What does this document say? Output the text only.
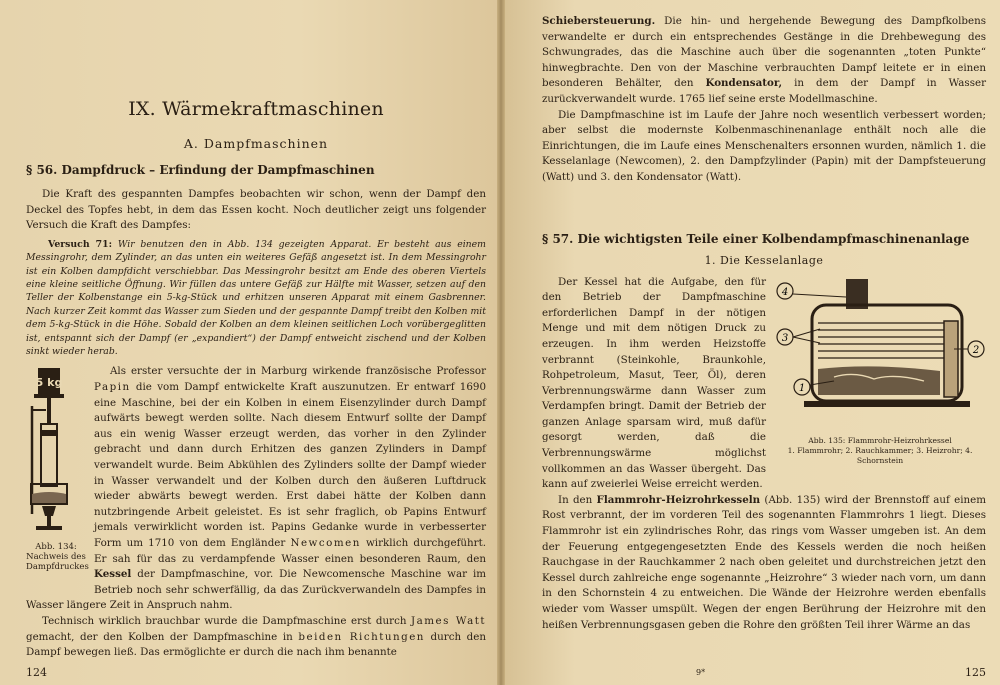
IX. Wärmekraftmaschinen
A. Dampfmaschinen
§ 56. Dampfdruck – Erfindung der Dampfmaschinen

Die Kraft des gespannten Dampfes beobachten wir schon, wenn der Dampf den Deckel des Topfes hebt, in dem das Essen kocht. Noch deutlicher zeigt uns folgender Versuch die Kraft des Dampfes:

Versuch 71: Wir benutzen den in Abb. 134 gezeigten Apparat. Er besteht aus einem Messingrohr, dem Zylinder, an das unten ein weiteres Gefäß angesetzt ist. In dem Messingrohr ist ein Kolben dampfdicht verschiebbar. Das Messingrohr besitzt am Ende des oberen Viertels eine kleine seitliche Öffnung. Wir füllen das untere Gefäß zur Hälfte mit Wasser, setzen auf den Teller der Kolbenstange ein 5-kg-Stück und erhitzen unseren Apparat mit einem Gasbrenner. Nach kurzer Zeit kommt das Wasser zum Sieden und der gespannte Dampf treibt den Kolben mit dem 5-kg-Stück in die Höhe. Sobald der Kolben an dem kleinen seitlichen Loch vorübergeglitten ist, entspannt sich der Dampf (er „expandiert“) der Dampf entweicht zischend und der Kolben sinkt wieder herab.

5 kg
Abb. 134: Nachweis des Dampfdruckes

Als erster versuchte der in Marburg wirkende französische Professor Papin die vom Dampf entwickelte Kraft auszunutzen. Er entwarf 1690 eine Maschine, bei der ein Kolben in einem Eisenzylinder durch Dampf aufwärts bewegt werden sollte. Nach diesem Entwurf sollte der Dampf aus ein wenig Wasser erzeugt werden, das vorher in den Zylinder gebracht und dann durch Erhitzen des ganzen Zylinders in Dampf verwandelt wurde. Beim Abkühlen des Zylinders sollte der Dampf wieder in Wasser verwandelt und der Kolben durch den äußeren Luftdruck wieder abwärts bewegt werden. Erst dabei hätte der Kolben dann nutzbringende Arbeit geleistet. Es ist sehr fraglich, ob Papins Entwurf jemals verwirklicht worden ist. Papins Gedanke wurde in verbesserter Form um 1710 von dem Engländer Newcomen wirklich durchgeführt. Er sah für das zu verdampfende Wasser einen besonderen Raum, den Kessel der Dampfmaschine, vor. Die Newcomensche Maschine war im Betrieb noch sehr schwerfällig, da das Zurückverwandeln des Dampfes in Wasser längere Zeit in Anspruch nahm.

Technisch wirklich brauchbar wurde die Dampfmaschine erst durch James Watt gemacht, der den Kolben der Dampfmaschine in beiden Richtungen durch den Dampf bewegen ließ. Das ermöglichte er durch die nach ihm benannte

124

Schiebersteuerung. Die hin- und hergehende Bewegung des Dampfkolbens verwandelte er durch ein entsprechendes Gestänge in die Drehbewegung des Schwungrades, das die Maschine auch über die sogenannten „toten Punkte“ hinwegbrachte. Den von der Maschine verbrauchten Dampf leitete er in einen besonderen Behälter, den Kondensator, in dem der Dampf in Wasser zurückverwandelt wurde. 1765 lief seine erste Modellmaschine.

Die Dampfmaschine ist im Laufe der Jahre noch wesentlich verbessert worden; aber selbst die modernste Kolbenmaschinenanlage enthält noch alle die Einrichtungen, die im Laufe eines Menschenalters ersonnen wurden, nämlich 1. die Kesselanlage (Newcomen), 2. den Dampfzylinder (Papin) mit der Dampfsteuerung (Watt) und 3. den Kondensator (Watt).

§ 57. Die wichtigsten Teile einer Kolbendampfmaschinenanlage
1. Die Kesselanlage
4
3
2
1
Abb. 135: Flammrohr-Heizrohrkessel
1. Flammrohr; 2. Rauchkammer; 3. Heizrohr; 4. Schornstein

Der Kessel hat die Aufgabe, den für den Betrieb der Dampfmaschine erforderlichen Dampf in der nötigen Menge und mit dem nötigen Druck zu erzeugen. In ihm werden Heizstoffe verbrannt (Steinkohle, Braunkohle, Rohpetroleum, Masut, Teer, Öl), deren Verbrennungswärme dann Wasser zum Verdampfen bringt. Damit der Betrieb der ganzen Anlage sparsam wird, muß dafür gesorgt werden, daß die Verbrennungswärme möglichst vollkommen an das Wasser übergeht. Das kann auf zweierlei Weise erreicht werden.

In den Flammrohr-Heizrohrkesseln (Abb. 135) wird der Brennstoff auf einem Rost verbrannt, der im vorderen Teil des sogenannten Flammrohrs 1 liegt. Dieses Flammrohr ist ein zylindrisches Rohr, das rings vom Wasser umgeben ist. An dem der Feuerung entgegengesetzten Ende des Kessels werden die noch heißen Rauchgase in der Rauchkammer 2 nach oben geleitet und durchstreichen jetzt den Kessel durch zahlreiche enge sogenannte „Heizrohre“ 3 wieder nach vorn, um dann in den Schornstein 4 zu entweichen. Die Wände der Heizrohre werden ebenfalls wieder vom Wasser umspült. Wegen der engen Berührung der Heizrohre mit den heißen Verbrennungsgasen geben die Rohre den größten Teil ihrer Wärme an das

9*	125
